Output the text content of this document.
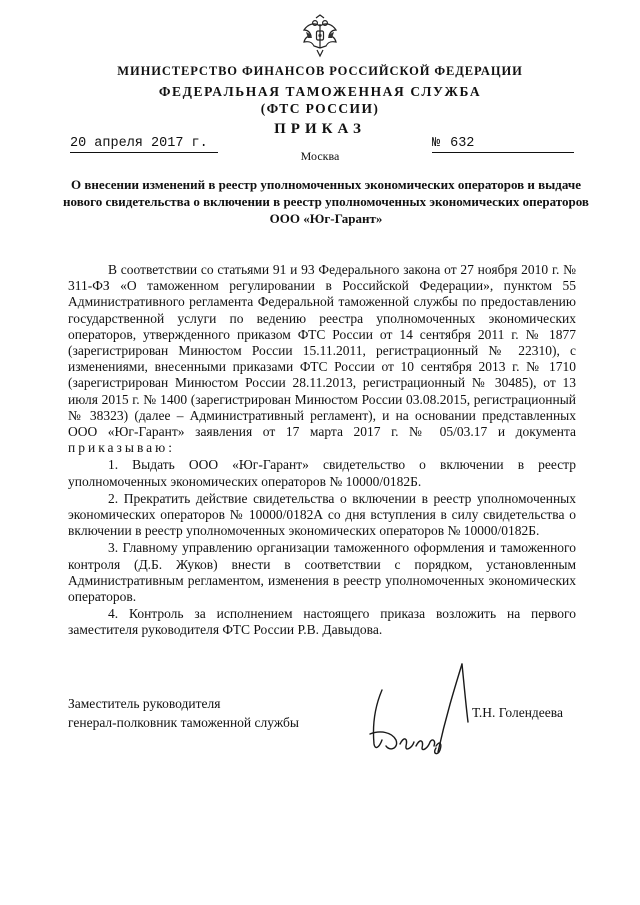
МИНИСТЕРСТВО ФИНАНСОВ РОССИЙСКОЙ ФЕДЕРАЦИИ
ФЕДЕРАЛЬНАЯ ТАМОЖЕННАЯ СЛУЖБА
(ФТС РОССИИ)
ПРИКАЗ
20 апреля 2017 г.	№ 632
Москва
О внесении изменений в реестр уполномоченных экономических операторов и выдаче нового свидетельства о включении в реестр уполномоченных экономических операторов ООО «Юг-Гарант»

В соответствии со статьями 91 и 93 Федерального закона от 27 ноября 2010 г. № 311-ФЗ «О таможенном регулировании в Российской Федерации», пунктом 55 Административного регламента Федеральной таможенной службы по предоставлению государственной услуги по ведению реестра уполномоченных экономических операторов, утвержденного приказом ФТС России от 14 сентября 2011 г. № 1877 (зарегистрирован Минюстом России 15.11.2011, регистрационный № 22310), с изменениями, внесенными приказами ФТС России от 10 сентября 2013 г. № 1710 (зарегистрирован Минюстом России 28.11.2013, регистрационный № 30485), от 13 июля 2015 г. № 1400 (зарегистрирован Минюстом России 03.08.2015, регистрационный № 38323) (далее – Административный регламент), и на основании представленных ООО «Юг-Гарант» заявления от 17 марта 2017 г. № 05/03.17 и документа приказываю:

1. Выдать ООО «Юг-Гарант» свидетельство о включении в реестр уполномоченных экономических операторов № 10000/0182Б.

2. Прекратить действие свидетельства о включении в реестр уполномоченных экономических операторов № 10000/0182А со дня вступления в силу свидетельства о включении в реестр уполномоченных экономических операторов № 10000/0182Б.

3. Главному управлению организации таможенного оформления и таможенного контроля (Д.Б. Жуков) внести в соответствии с порядком, установленным Административным регламентом, изменения в реестр уполномоченных экономических операторов.

4. Контроль за исполнением настоящего приказа возложить на первого заместителя руководителя ФТС России Р.В. Давыдова.

Заместитель руководителя
генерал-полковник таможенной службы
Т.Н. Голендеева
